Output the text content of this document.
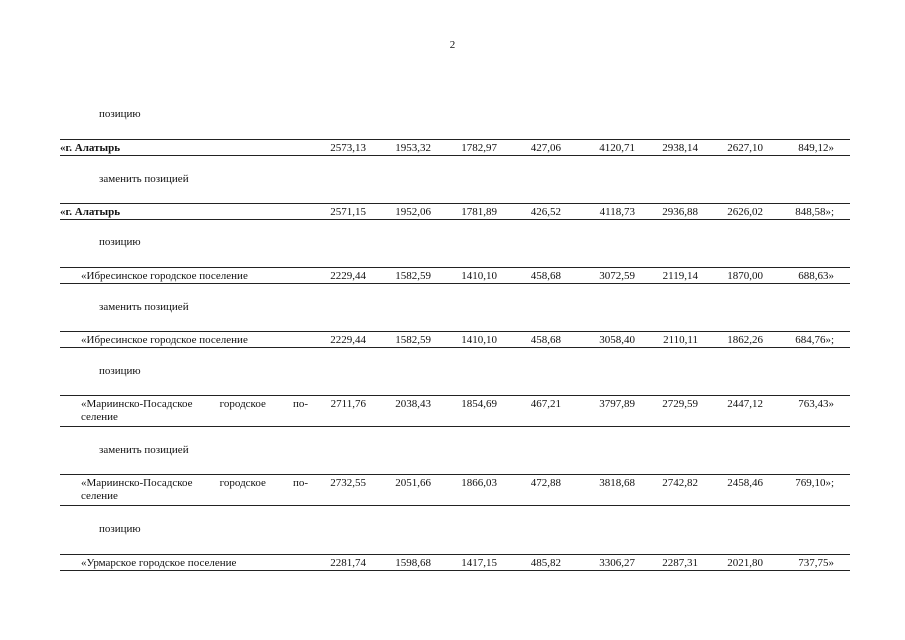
2
позицию
«г. Алатырь	2573,13	1953,32	1782,97	427,06	4120,71	2938,14	2627,10	849,12»
заменить позицией
«г. Алатырь	2571,15	1952,06	1781,89	426,52	4118,73	2936,88	2626,02	848,58»;
позицию
«Ибресинское городское поселение	2229,44	1582,59	1410,10	458,68	3072,59	2119,14	1870,00	688,63»
заменить позицией
«Ибресинское городское поселение	2229,44	1582,59	1410,10	458,68	3058,40	2110,11	1862,26	684,76»;
позицию
«Мариинско-Посадское городское по-
селение
2711,76	2038,43	1854,69	467,21	3797,89	2729,59	2447,12	763,43»
заменить позицией
«Мариинско-Посадское городское по-
селение
2732,55	2051,66	1866,03	472,88	3818,68	2742,82	2458,46	769,10»;
позицию
«Урмарское городское поселение	2281,74	1598,68	1417,15	485,82	3306,27	2287,31	2021,80	737,75»
